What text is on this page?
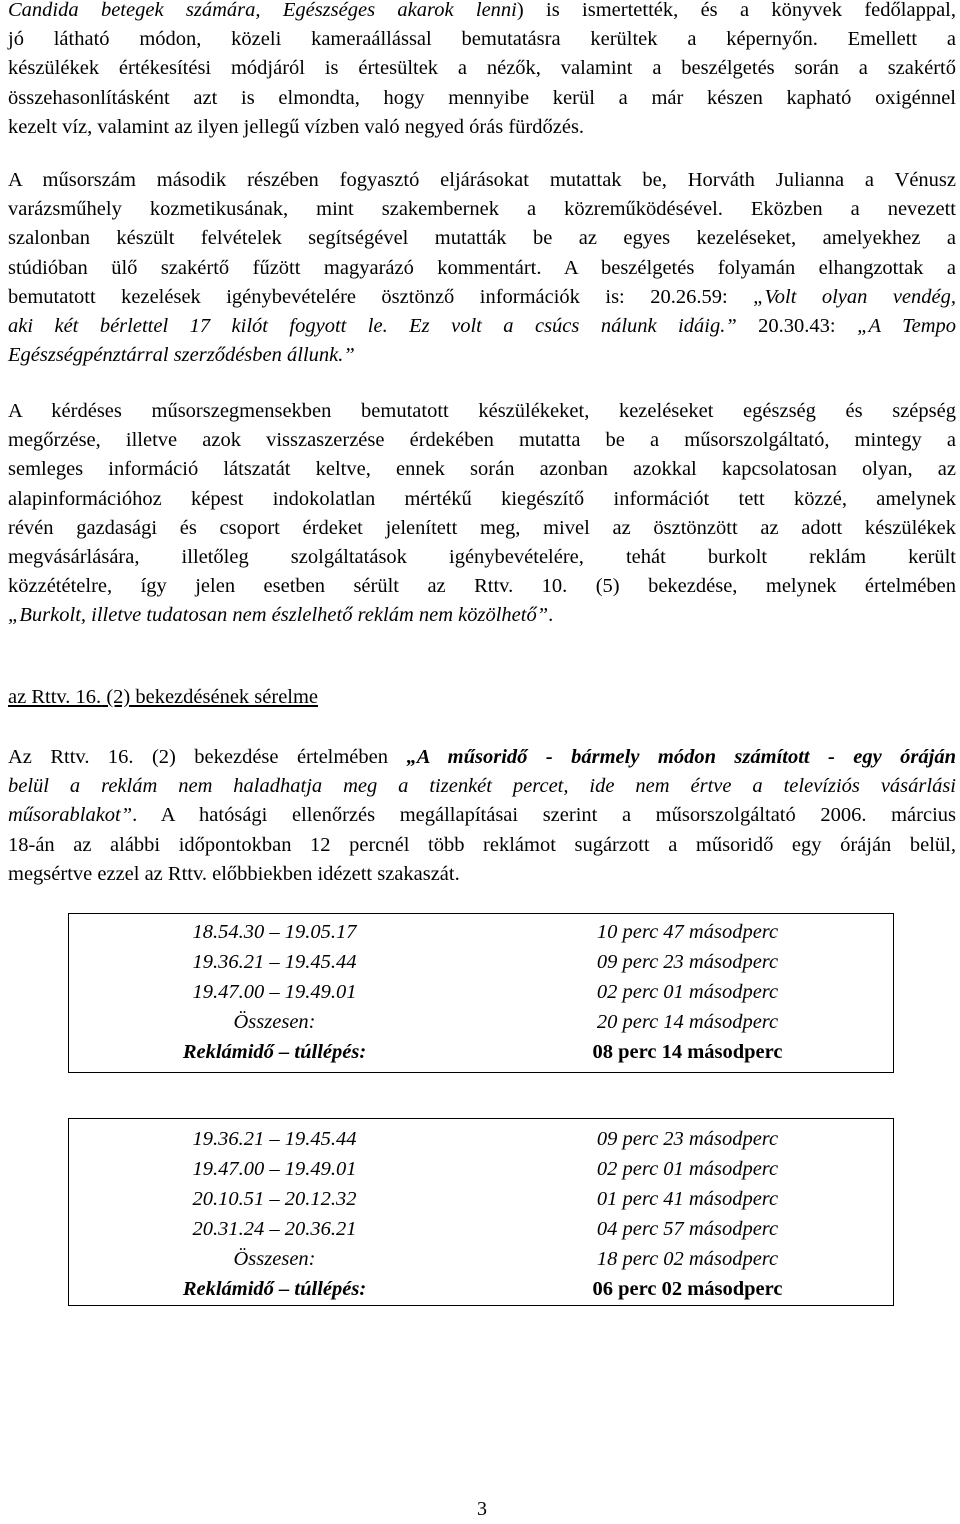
Candida betegek számára, Egészséges akarok lenni) is ismertették, és a könyvek fedőlappal,
jó látható módon, közeli kameraállással bemutatásra kerültek a képernyőn. Emellett a
készülékek értékesítési módjáról is értesültek a nézők, valamint a beszélgetés során a szakértő
összehasonlításként azt is elmondta, hogy mennyibe kerül a már készen kapható oxigénnel
kezelt víz, valamint az ilyen jellegű vízben való negyed órás fürdőzés.
A műsorszám második részében fogyasztó eljárásokat mutattak be, Horváth Julianna a Vénusz
varázsműhely kozmetikusának, mint szakembernek a közreműködésével. Eközben a nevezett
szalonban készült felvételek segítségével mutatták be az egyes kezeléseket, amelyekhez a
stúdióban ülő szakértő fűzött magyarázó kommentárt. A beszélgetés folyamán elhangzottak a
bemutatott kezelések igénybevételére ösztönző információk is: 20.26.59: „Volt olyan vendég,
aki két bérlettel 17 kilót fogyott le. Ez volt a csúcs nálunk idáig.” 20.30.43: „A Tempo
Egészségpénztárral szerződésben állunk.”
A kérdéses műsorszegmensekben bemutatott készülékeket, kezeléseket egészség és szépség
megőrzése, illetve azok visszaszerzése érdekében mutatta be a műsorszolgáltató, mintegy a
semleges információ látszatát keltve, ennek során azonban azokkal kapcsolatosan olyan, az
alapinformációhoz képest indokolatlan mértékű kiegészítő információt tett közzé, amelynek
révén gazdasági és csoport érdeket jelenített meg, mivel az ösztönzött az adott készülékek
megvásárlására, illetőleg szolgáltatások igénybevételére, tehát burkolt reklám került
közzétételre, így jelen esetben sérült az Rttv. 10. (5) bekezdése, melynek értelmében
„Burkolt, illetve tudatosan nem észlelhető reklám nem közölhető”.
az Rttv. 16. (2) bekezdésének sérelme
Az Rttv. 16. (2) bekezdése értelmében „A műsoridő - bármely módon számított - egy óráján
belül a reklám nem haladhatja meg a tizenkét percet, ide nem értve a televíziós vásárlási
műsorablakot”. A hatósági ellenőrzés megállapításai szerint a műsorszolgáltató 2006. március
18-án az alábbi időpontokban 12 percnél több reklámot sugárzott a műsoridő egy óráján belül,
megsértve ezzel az Rttv. előbbiekben idézett szakaszát.
18.54.30 – 19.05.17	10 perc 47 másodperc
19.36.21 – 19.45.44	09 perc 23 másodperc
19.47.00 – 19.49.01	02 perc 01 másodperc
Összesen:	20 perc 14 másodperc
Reklámidő – túllépés:	08 perc 14 másodperc
19.36.21 – 19.45.44	09 perc 23 másodperc
19.47.00 – 19.49.01	02 perc 01 másodperc
20.10.51 – 20.12.32	01 perc 41 másodperc
20.31.24 – 20.36.21	04 perc 57 másodperc
Összesen:	18 perc 02 másodperc
Reklámidő – túllépés:	06 perc 02 másodperc
3
